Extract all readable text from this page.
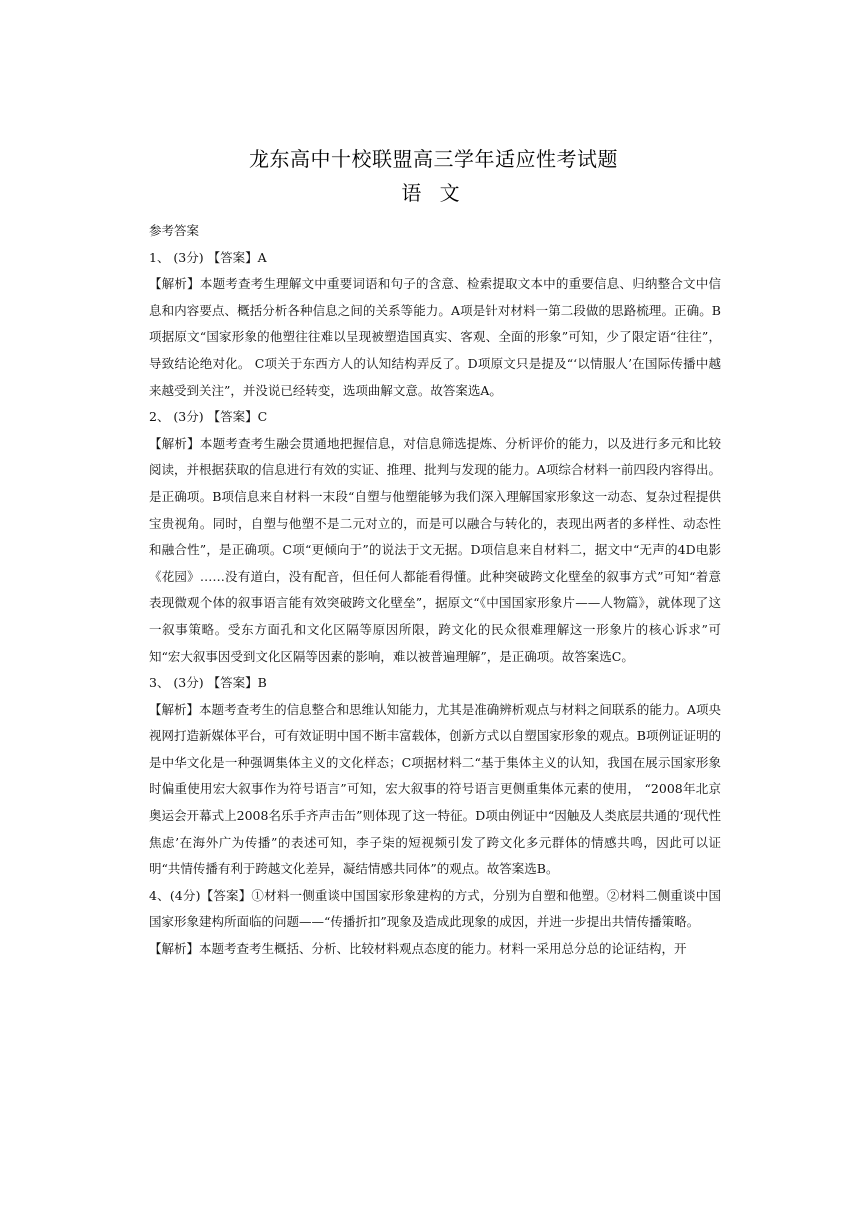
龙东高中十校联盟高三学年适应性考试题
语 文

参考答案

1、 (3分) 【答案】A

【解析】本题考查考生理解文中重要词语和句子的含意、检索提取文本中的重要信息、归纳整合文中信息和内容要点、概括分析各种信息之间的关系等能力。A项是针对材料一第二段做的思路梳理。正确。B项据原文“国家形象的他塑往往难以呈现被塑造国真实、客观、全面的形象”可知，少了限定语“往往”，导致结论绝对化。 C项关于东西方人的认知结构弄反了。D项原文只是提及“‘以情服人’在国际传播中越来越受到关注”，并没说已经转变，选项曲解文意。故答案选A。

2、 (3分) 【答案】C

【解析】本题考查考生融会贯通地把握信息，对信息筛选提炼、分析评价的能力，以及进行多元和比较阅读，并根据获取的信息进行有效的实证、推理、批判与发现的能力。A项综合材料一前四段内容得出。是正确项。B项信息来自材料一末段“自塑与他塑能够为我们深入理解国家形象这一动态、复杂过程提供宝贵视角。同时，自塑与他塑不是二元对立的，而是可以融合与转化的，表现出两者的多样性、动态性和融合性”，是正确项。C项“更倾向于”的说法于文无据。D项信息来自材料二，据文中“无声的4D电影《花园》……没有道白，没有配音，但任何人都能看得懂。此种突破跨文化壁垒的叙事方式”可知“着意表现微观个体的叙事语言能有效突破跨文化壁垒”，据原文“《中国国家形象片——人物篇》，就体现了这一叙事策略。受东方面孔和文化区隔等原因所限，跨文化的民众很难理解这一形象片的核心诉求”可知“宏大叙事因受到文化区隔等因素的影响，难以被普遍理解”，是正确项。故答案选C。

3、 (3分) 【答案】B

【解析】本题考查考生的信息整合和思维认知能力，尤其是准确辨析观点与材料之间联系的能力。A项央视网打造新媒体平台，可有效证明中国不断丰富载体，创新方式以自塑国家形象的观点。B项例证证明的是中华文化是一种强调集体主义的文化样态；C项据材料二“基于集体主义的认知，我国在展示国家形象时偏重使用宏大叙事作为符号语言”可知，宏大叙事的符号语言更侧重集体元素的使用， “2008年北京奥运会开幕式上2008名乐手齐声击缶”则体现了这一特征。D项由例证中“因触及人类底层共通的‘现代性焦虑’在海外广为传播”的表述可知，李子柒的短视频引发了跨文化多元群体的情感共鸣，因此可以证明“共情传播有利于跨越文化差异，凝结情感共同体”的观点。故答案选B。

4、(4分)【答案】①材料一侧重谈中国国家形象建构的方式，分别为自塑和他塑。②材料二侧重谈中国国家形象建构所面临的问题——“传播折扣”现象及造成此现象的成因，并进一步提出共情传播策略。

【解析】本题考查考生概括、分析、比较材料观点态度的能力。材料一采用总分总的论证结构，开
